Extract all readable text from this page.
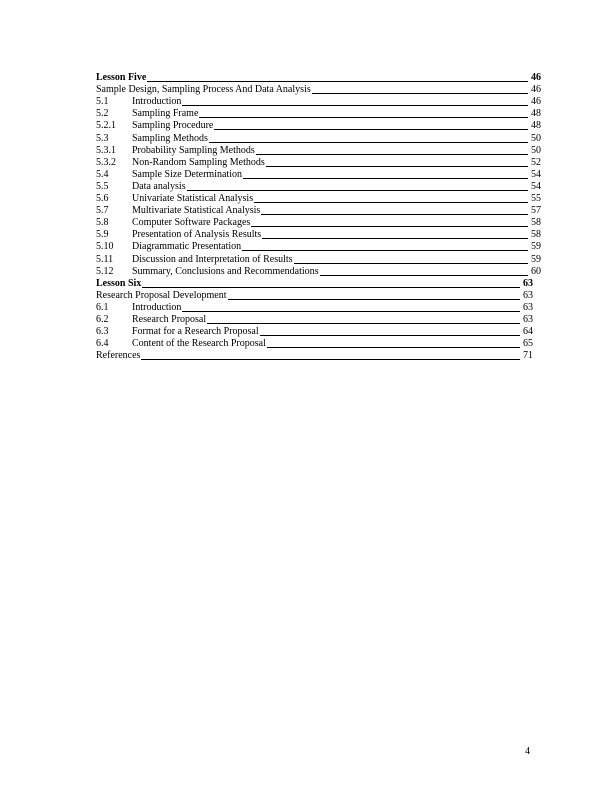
Lesson Five	46
Sample Design, Sampling Process And Data Analysis	46
5.1	Introduction	46
5.2	Sampling Frame	48
5.2.1	Sampling Procedure	48
5.3	Sampling Methods	50
5.3.1	Probability Sampling Methods	50
5.3.2	Non-Random Sampling Methods	52
5.4	Sample Size Determination	54
5.5	Data analysis	54
5.6	Univariate Statistical Analysis	55
5.7	Multivariate Statistical Analysis	57
5.8	Computer Software Packages	58
5.9	Presentation of Analysis Results	58
5.10	Diagrammatic Presentation	59
5.11	Discussion and Interpretation of Results	59
5.12	Summary, Conclusions and Recommendations	60
Lesson Six	63
Research Proposal Development	63
6.1	Introduction	63
6.2	Research Proposal	63
6.3	Format for a Research Proposal	64
6.4	Content of the Research Proposal	65
References	71
4
